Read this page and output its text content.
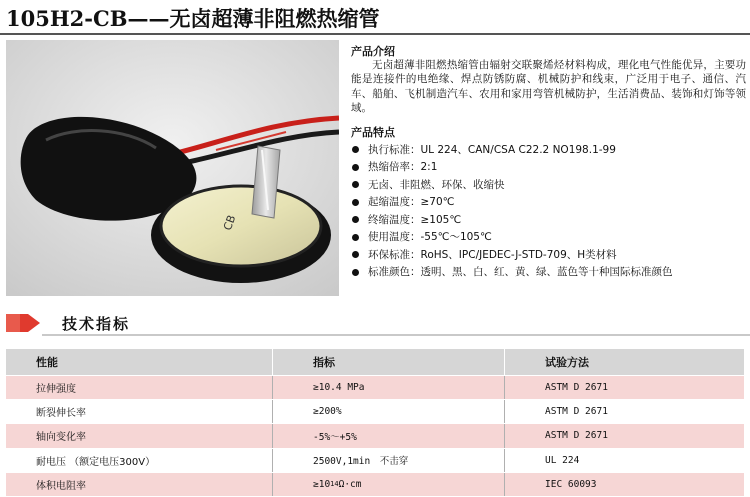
105H2-CB——无卤超薄非阻燃热缩管
CB
产品介绍

无卤超薄非阻燃热缩管由辐射交联聚烯烃材料构成，理化电气性能优异，主要功能是连接件的电绝缘、焊点防锈防腐、机械防护和线束，广泛用于电子、通信、汽车、船舶、飞机制造汽车、农用和家用弯管机械防护，生活消费品、装饰和灯饰等领域。

产品特点
执行标准：UL 224、CAN/CSA C22.2 NO198.1-99
热缩倍率：2:1
无卤、非阻燃、环保、收缩快
起缩温度：≥70℃
终缩温度：≥105℃
使用温度：-55℃～105℃
环保标准：RoHS、IPC/JEDEC-J-STD-709、H类材料
标准颜色：透明、黑、白、红、黄、绿、蓝色等十种国际标准颜色
技术指标
性能	指标	试验方法
拉伸强度	≥10.4 MPa	ASTM D 2671
断裂伸长率	≥200%	ASTM D 2671
轴向变化率	-5%～+5%	ASTM D 2671
耐电压 （额定电压300V）	2500V,1min　不击穿	UL 224
体积电阻率	≥10 14 Ω·cm	IEC 60093
